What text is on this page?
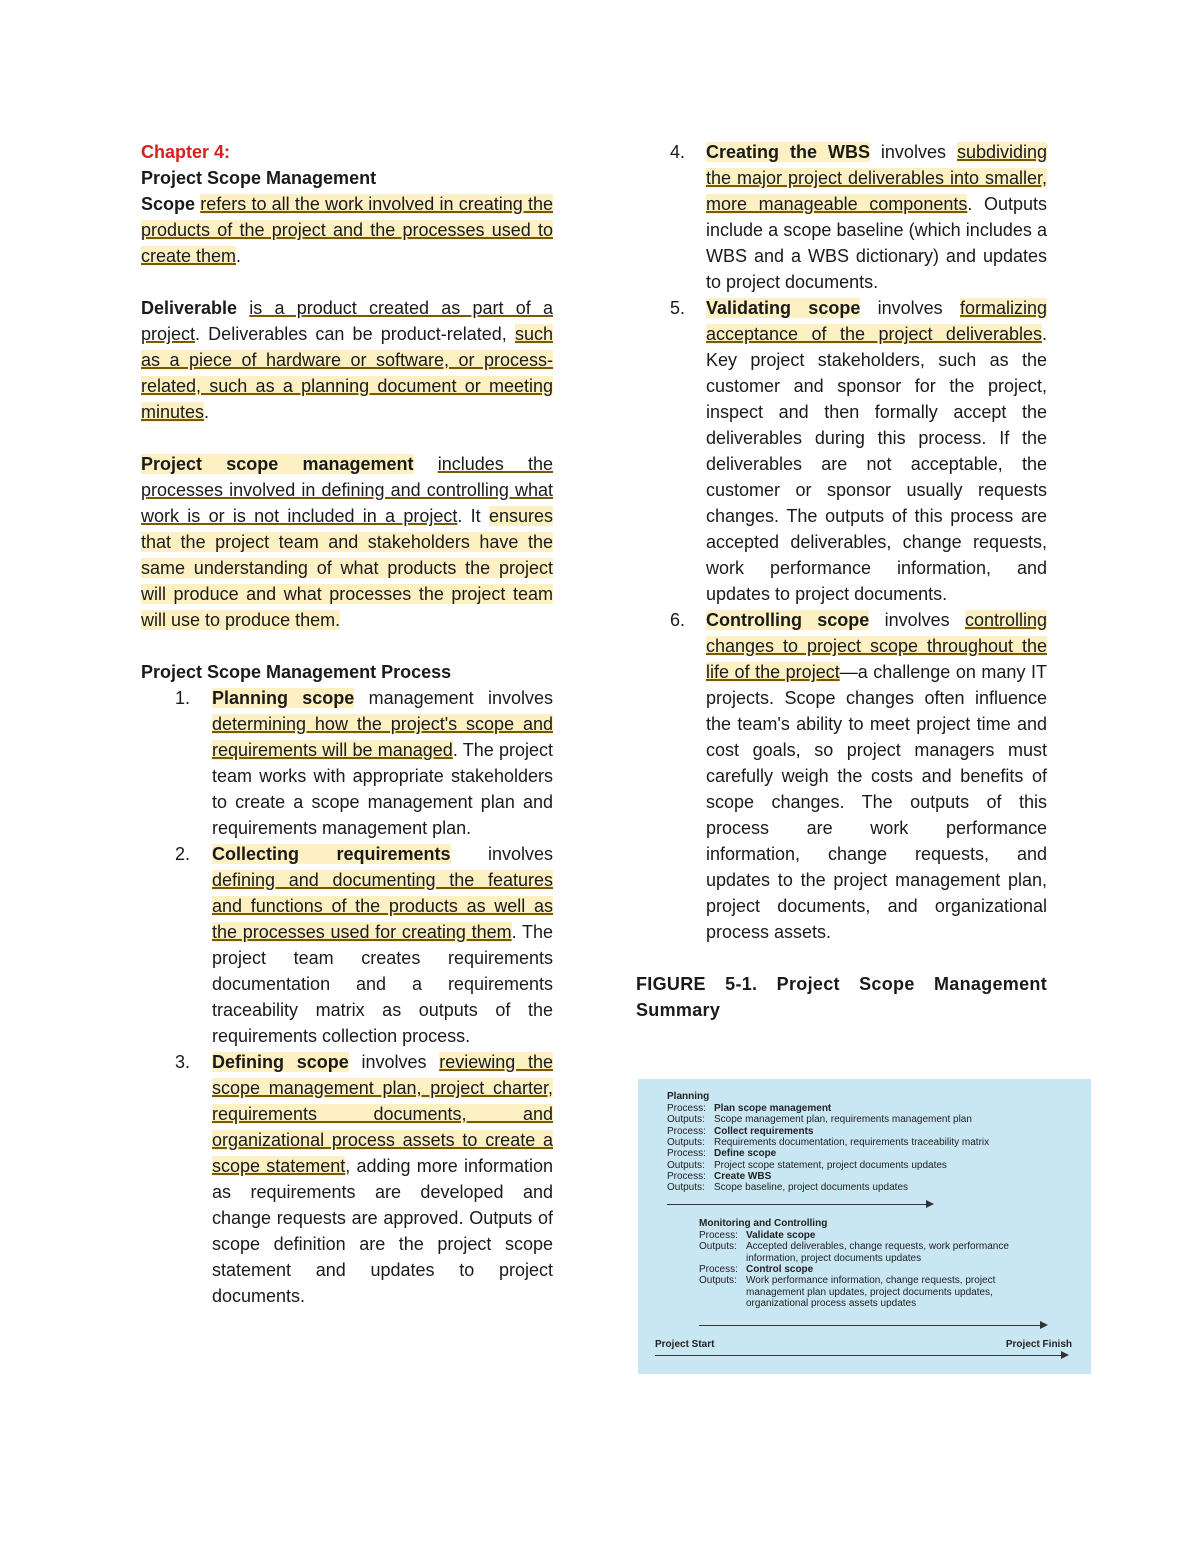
Chapter 4:

Project Scope Management

Scope refers to all the work involved in creating the products of the project and the processes used to create them.

Deliverable is a product created as part of a project. Deliverables can be product-related, such as a piece of hardware or software, or process-related, such as a planning document or meeting minutes.

Project scope management includes the processes involved in defining and controlling what work is or is not included in a project. It ensures that the project team and stakeholders have the same understanding of what products the project will produce and what processes the project team will use to produce them.

Project Scope Management Process

1. Planning scope management involves determining how the project's scope and requirements will be managed. The project team works with appropriate stakeholders to create a scope management plan and requirements management plan.
2. Collecting requirements involves defining and documenting the features and functions of the products as well as the processes used for creating them. The project team creates requirements documentation and a requirements traceability matrix as outputs of the requirements collection process.
3. Defining scope involves reviewing the scope management plan, project charter, requirements documents, and organizational process assets to create a scope statement, adding more information as requirements are developed and change requests are approved. Outputs of scope definition are the project scope statement and updates to project documents.
4. Creating the WBS involves subdividing the major project deliverables into smaller, more manageable components. Outputs include a scope baseline (which includes a WBS and a WBS dictionary) and updates to project documents.
5. Validating scope involves formalizing acceptance of the project deliverables. Key project stakeholders, such as the customer and sponsor for the project, inspect and then formally accept the deliverables during this process. If the deliverables are not acceptable, the customer or sponsor usually requests changes. The outputs of this process are accepted deliverables, change requests, work performance information, and updates to project documents.
6. Controlling scope involves controlling changes to project scope throughout the life of the project—a challenge on many IT projects. Scope changes often influence the team's ability to meet project time and cost goals, so project managers must carefully weigh the costs and benefits of scope changes. The outputs of this process are work performance information, change requests, and updates to the project management plan, project documents, and organizational process assets.

FIGURE 5-1. Project Scope Management Summary

Planning
Process: Plan scope management
Outputs: Scope management plan, requirements management plan
Process: Collect requirements
Outputs: Requirements documentation, requirements traceability matrix
Process: Define scope
Outputs: Project scope statement, project documents updates
Process: Create WBS
Outputs: Scope baseline, project documents updates
Monitoring and Controlling
Process: Validate scope
Outputs: Accepted deliverables, change requests, work performance
information, project documents updates
Process: Control scope
Outputs: Work performance information, change requests, project
management plan updates, project documents updates,
organizational process assets updates
Project Start	Project Finish
